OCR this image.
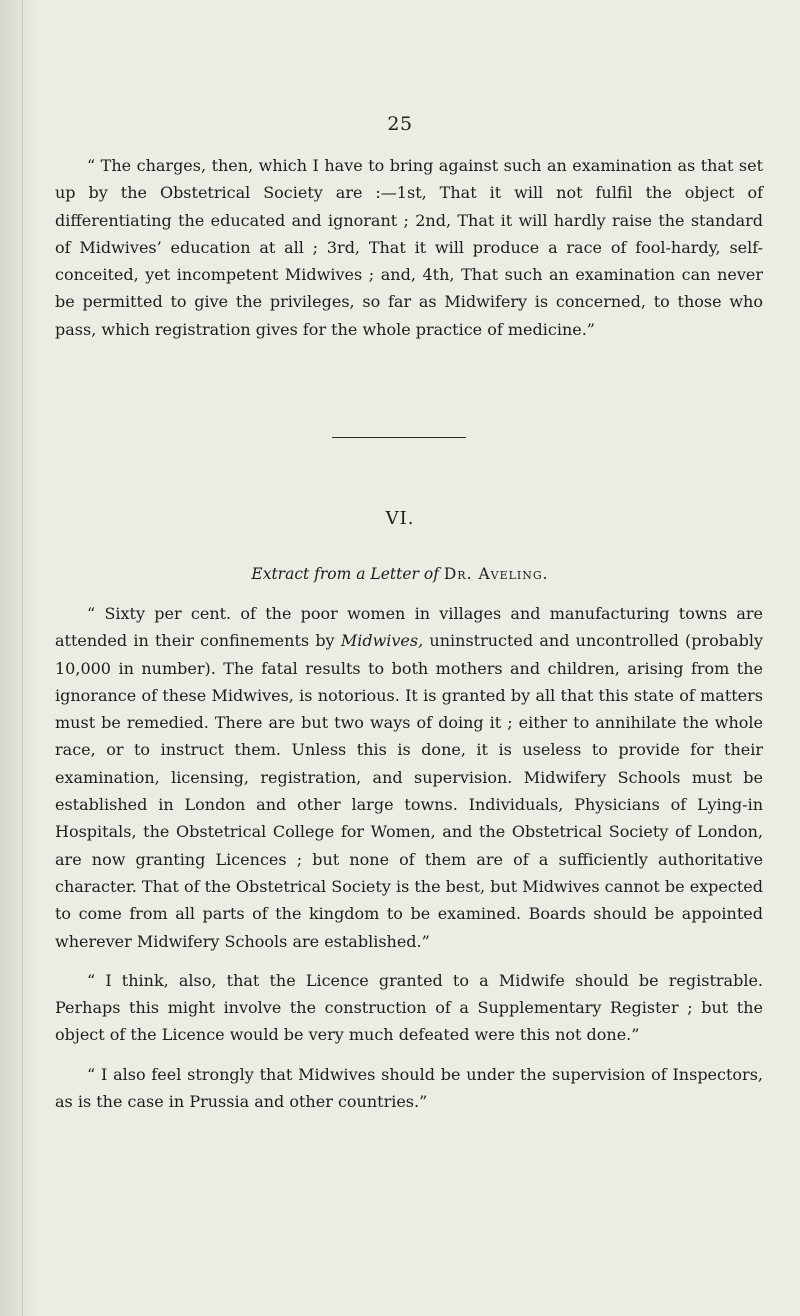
25

“ The charges, then, which I have to bring against such an examination as that set up by the Obstetrical Society are :—1st, That it will not fulfil the object of differentiating the educated and ignorant ; 2nd, That it will hardly raise the standard of Midwives’ education at all ; 3rd, That it will produce a race of fool-hardy, self-conceited, yet incompetent Midwives ; and, 4th, That such an examination can never be permitted to give the privileges, so far as Midwifery is concerned, to those who pass, which registration gives for the whole practice of medicine.”

VI.
Extract from a Letter of Dr. Aveling.

“ Sixty per cent. of the poor women in villages and manufacturing towns are attended in their confinements by Midwives, uninstructed and uncontrolled (probably 10,000 in number). The fatal results to both mothers and children, arising from the ignorance of these Midwives, is notorious. It is granted by all that this state of matters must be remedied. There are but two ways of doing it ; either to annihilate the whole race, or to instruct them. Unless this is done, it is useless to provide for their examination, licensing, registration, and supervision. Midwifery Schools must be established in London and other large towns. Individuals, Physicians of Lying-in Hospitals, the Obstetrical College for Women, and the Obstetrical Society of London, are now granting Licences ; but none of them are of a sufficiently authoritative character. That of the Obstetrical Society is the best, but Midwives cannot be expected to come from all parts of the kingdom to be examined. Boards should be appointed wherever Midwifery Schools are established.”

“ I think, also, that the Licence granted to a Midwife should be registrable. Perhaps this might involve the construction of a Supplementary Register ; but the object of the Licence would be very much defeated were this not done.”

“ I also feel strongly that Midwives should be under the supervision of Inspectors, as is the case in Prussia and other countries.”
